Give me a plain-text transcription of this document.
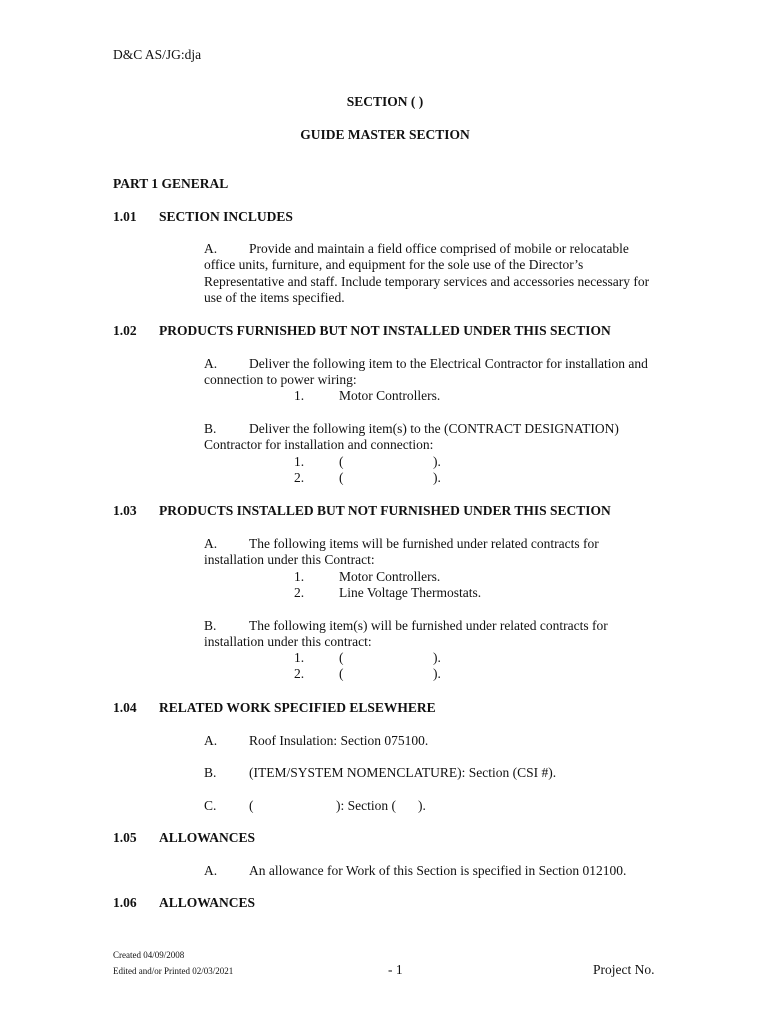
D&C AS/JG:dja
SECTION ( )
GUIDE MASTER SECTION
PART 1 GENERAL
1.01 SECTION INCLUDES
A. Provide and maintain a field office comprised of mobile or relocatable office units, furniture, and equipment for the sole use of the Director’s Representative and staff. Include temporary services and accessories necessary for use of the items specified.
1.02 PRODUCTS FURNISHED BUT NOT INSTALLED UNDER THIS SECTION
A. Deliver the following item to the Electrical Contractor for installation and connection to power wiring:
1.	Motor Controllers.
B. Deliver the following item(s) to the (CONTRACT DESIGNATION) Contractor for installation and connection:
1.	(	).
2.	(	).
1.03 PRODUCTS INSTALLED BUT NOT FURNISHED UNDER THIS SECTION
A. The following items will be furnished under related contracts for installation under this Contract:
1.	Motor Controllers.
2.	Line Voltage Thermostats.
B. The following item(s) will be furnished under related contracts for installation under this contract:
1.	(	).
2.	(	).
1.04 RELATED WORK SPECIFIED ELSEWHERE
A. Roof Insulation: Section 075100.
B. (ITEM/SYSTEM NOMENCLATURE): Section (CSI #).
C. (	): Section ( ).
1.05 ALLOWANCES
A. An allowance for Work of this Section is specified in Section 012100.
1.06 ALLOWANCES
Created 04/09/2008
Edited and/or Printed 02/03/2021	- 1	Project No.
